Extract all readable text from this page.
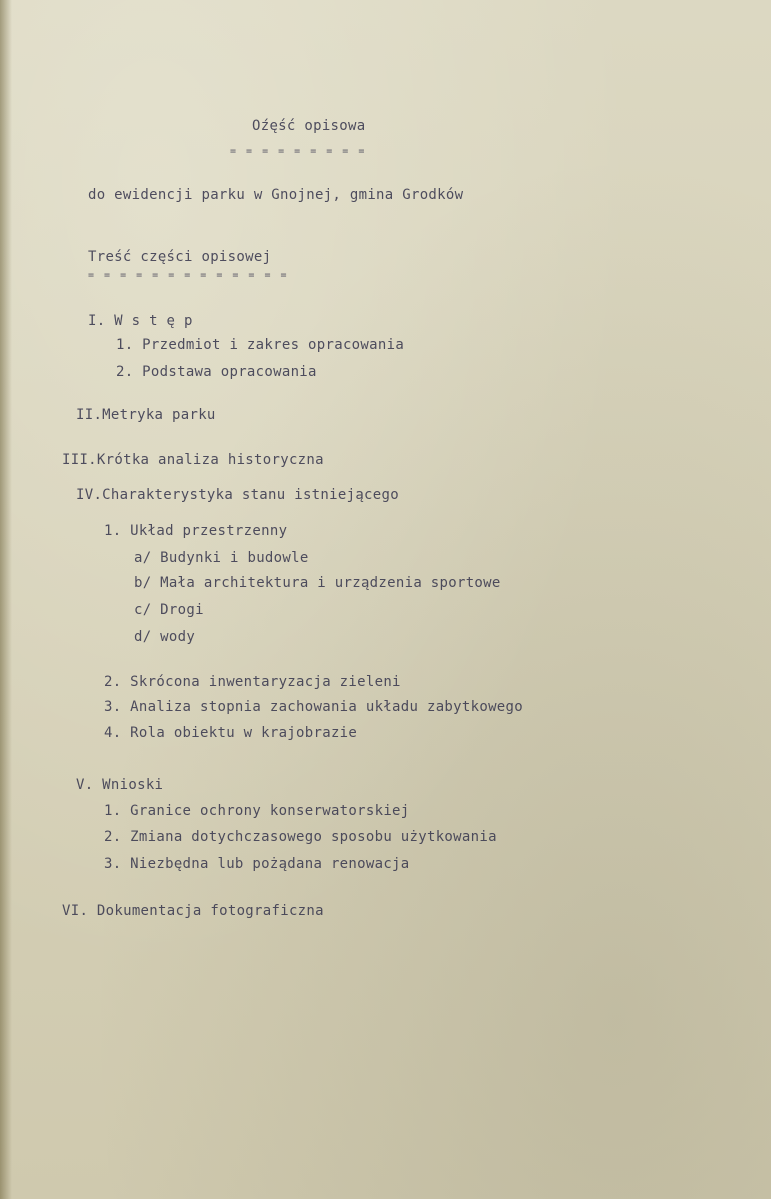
Oźęść opisowa
= = = = = = = = =
do ewidencji parku w Gnojnej, gmina Grodków
Treść części opisowej
= = = = = = = = = = = = =
I. W s t ę p
1. Przedmiot i zakres opracowania
2. Podstawa opracowania
II.Metryka parku
III.Krótka analiza historyczna
IV.Charakterystyka stanu istniejącego
1. Układ przestrzenny
a/ Budynki i budowle
b/ Mała architektura i urządzenia sportowe
c/ Drogi
d/ wody
2. Skrócona inwentaryzacja zieleni
3. Analiza stopnia zachowania układu zabytkowego
4. Rola obiektu w krajobrazie
V. Wnioski
1. Granice ochrony konserwatorskiej
2. Zmiana dotychczasowego sposobu użytkowania
3. Niezbędna lub pożądana renowacja
VI. Dokumentacja fotograficzna
